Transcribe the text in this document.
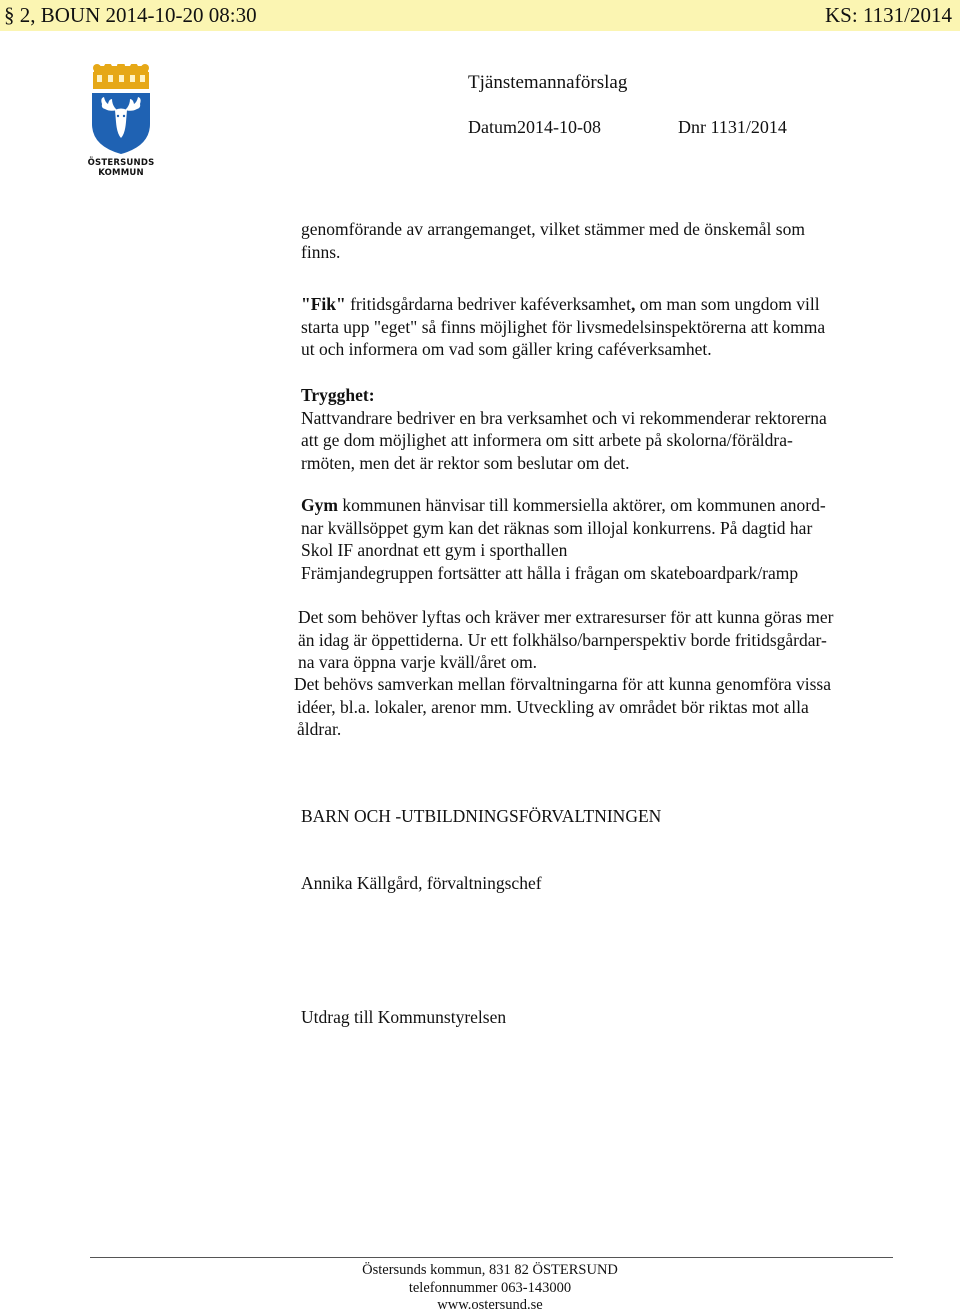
§ 2, BOUN 2014-10-20 08:30	KS: 1131/2014
ÖSTERSUNDS
KOMMUN
Tjänstemannaförslag
Datum2014-10-08	Dnr 1131/2014

genomförande av arrangemanget, vilket stämmer med de önskemål som

finns.

"Fik" fritidsgårdarna bedriver kaféverksamhet, om man som ungdom vill

starta upp "eget" så finns möjlighet för livsmedelsinspektörerna att komma

ut och informera om vad som gäller kring caféverksamhet.

Trygghet:

Nattvandrare bedriver en bra verksamhet och vi rekommenderar rektorerna

att ge dom möjlighet att informera om sitt arbete på skolorna/föräldra-

rmöten, men det är rektor som beslutar om det.

Gym kommunen hänvisar till kommersiella aktörer, om kommunen anord-

nar kvällsöppet gym kan det räknas som illojal konkurrens. På dagtid har

Skol IF anordnat ett gym i sporthallen

Främjandegruppen fortsätter att hålla i frågan om skateboardpark/ramp

Det som behöver lyftas och kräver mer extraresurser för att kunna göras mer

än idag är öppettiderna. Ur ett folkhälso/barnperspektiv borde fritidsgårdar-

na vara öppna varje kväll/året om.

Det behövs samverkan mellan förvaltningarna för att kunna genomföra vissa

idéer, bl.a. lokaler, arenor mm. Utveckling av området bör riktas mot alla

åldrar.

BARN OCH -UTBILDNINGSFÖRVALTNINGEN
Annika Källgård, förvaltningschef
Utdrag till Kommunstyrelsen
Östersunds kommun, 831 82 ÖSTERSUND
telefonnummer 063-143000
www.ostersund.se
